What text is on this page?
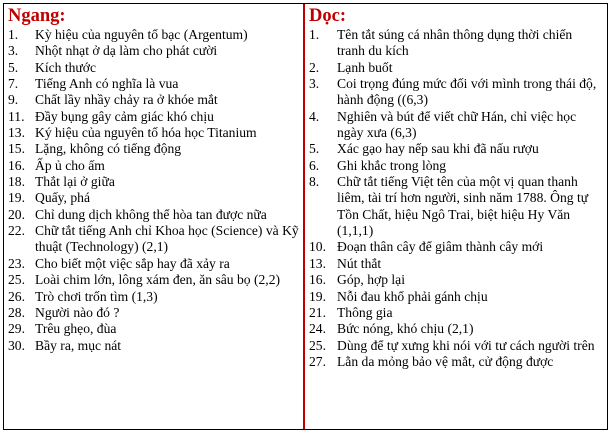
Ngang:
1.	Kỳ hiệu của nguyên tố bạc (Argentum)
3.	Nhột nhạt ở dạ làm cho phát cười
5.	Kích thước
7.	Tiếng Anh có nghĩa là vua
9.	Chất lầy nhầy chảy ra ở khóe mắt
11. Đầy bụng gây cảm giác khó chịu
13. Ký hiệu của nguyên tố hóa học Titanium
15. Lặng, không có tiếng động
16. Ấp ủ cho ấm
18. Thắt lại ở giữa
19. Quấy, phá
20. Chỉ dung dịch không thể hòa tan được nữa
22. Chữ tắt tiếng Anh chỉ Khoa học (Science) và Kỹ thuật (Technology) (2,1)
23. Cho biết một việc sắp hay đã xảy ra
25. Loài chim lớn, lông xám đen, ăn sâu bọ (2,2)
26. Trò chơi trốn tìm (1,3)
28. Người nào đó ?
29. Trêu ghẹo, đùa
30. Bầy ra, mục nát
Dọc:
1.	Tên tắt súng cá nhân thông dụng thời chiến tranh du kích
2.	Lạnh buốt
3.	Coi trọng đúng mức đối với mình trong thái độ, hành động ((6,3)
4.	Nghiên và bút để viết chữ Hán, chỉ việc học ngày xưa (6,3)
5.	Xác gạo hay nếp sau khi đã nấu rượu
6.	Ghi khắc trong lòng
8.	Chữ tắt tiếng Việt tên của một vị quan thanh liêm, tài trí hơn người, sinh năm 1788. Ông tự Tồn Chất, hiệu Ngô Trai, biệt hiệu Hy Văn (1,1,1)
10. Đoạn thân cây để giâm thành cây mới
13. Nút thắt
16. Góp, hợp lại
19. Nỗi đau khổ phải gánh chịu
21. Thông gia
24. Bức nóng, khó chịu (2,1)
25. Dùng để tự xưng khi nói với tư cách người trên
27. Lằn da mỏng bảo vệ mắt, cử động được
